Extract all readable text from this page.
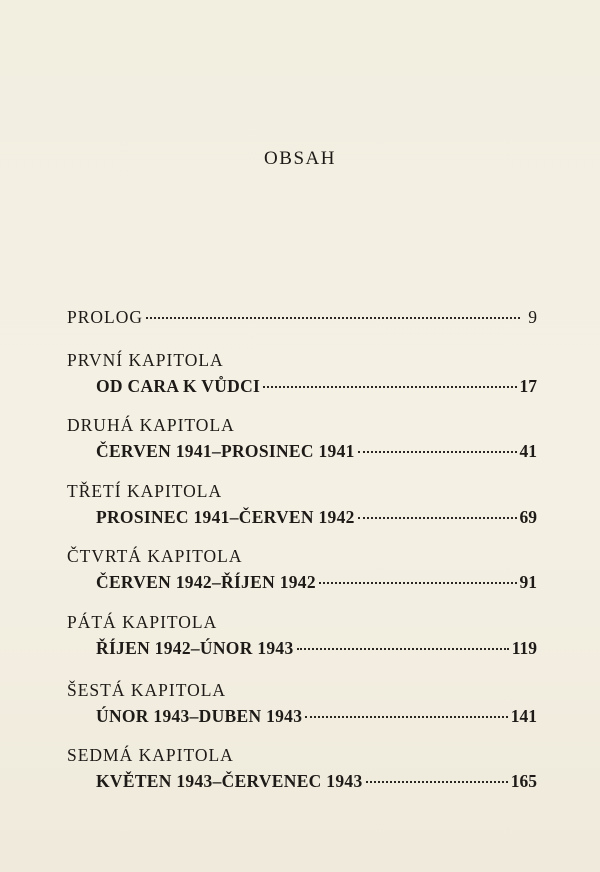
OBSAH
PROLOG	9
PRVNÍ KAPITOLA
OD CARA K VŮDCI	17
DRUHÁ KAPITOLA
ČERVEN 1941–PROSINEC 1941	41
TŘETÍ KAPITOLA
PROSINEC 1941–ČERVEN 1942	69
ČTVRTÁ KAPITOLA
ČERVEN 1942–ŘÍJEN 1942	91
PÁTÁ KAPITOLA
ŘÍJEN 1942–ÚNOR 1943	119
ŠESTÁ KAPITOLA
ÚNOR 1943–DUBEN 1943	141
SEDMÁ KAPITOLA
KVĚTEN 1943–ČERVENEC 1943	165
